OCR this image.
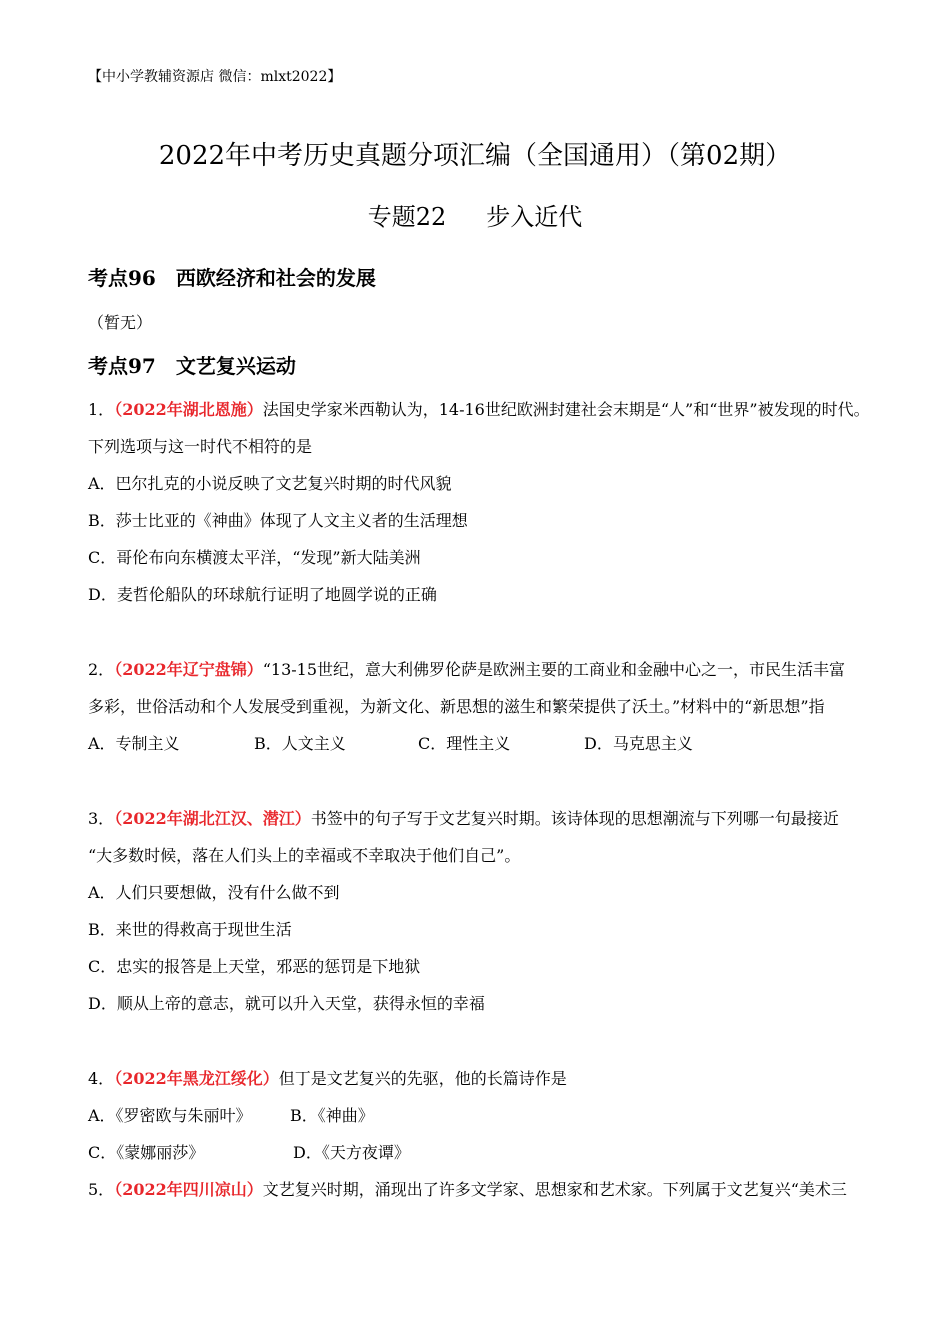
【中小学教辅资源店 微信：mlxt2022】
2022年中考历史真题分项汇编（全国通用）（第02期）
专题22 步入近代
考点96 西欧经济和社会的发展
（暂无）
考点97 文艺复兴运动
1．（2022年湖北恩施）法国史学家米西勒认为，14-16世纪欧洲封建社会末期是“人”和“世界”被发现的时代。
下列选项与这一时代不相符的是
A．巴尔扎克的小说反映了文艺复兴时期的时代风貌
B．莎士比亚的《神曲》体现了人文主义者的生活理想
C．哥伦布向东横渡太平洋，“发现”新大陆美洲
D．麦哲伦船队的环球航行证明了地圆学说的正确
2．（2022年辽宁盘锦）“13-15世纪，意大利佛罗伦萨是欧洲主要的工商业和金融中心之一，市民生活丰富
多彩，世俗活动和个人发展受到重视，为新文化、新思想的滋生和繁荣提供了沃土。”材料中的“新思想”指
A．专制主义	B．人文主义	C．理性主义	D．马克思主义
3．（2022年湖北江汉、潜江）书签中的句子写于文艺复兴时期。该诗体现的思想潮流与下列哪一句最接近
“大多数时候，落在人们头上的幸福或不幸取决于他们自己”。
A．人们只要想做，没有什么做不到
B．来世的得救高于现世生活
C．忠实的报答是上天堂，邪恶的惩罚是下地狱
D．顺从上帝的意志，就可以升入天堂，获得永恒的幸福
4．（2022年黑龙江绥化）但丁是文艺复兴的先驱，他的长篇诗作是
A．《罗密欧与朱丽叶》 B．《神曲》
C．《蒙娜丽莎》	D．《天方夜谭》
5．（2022年四川凉山）文艺复兴时期，涌现出了许多文学家、思想家和艺术家。下列属于文艺复兴“美术三
